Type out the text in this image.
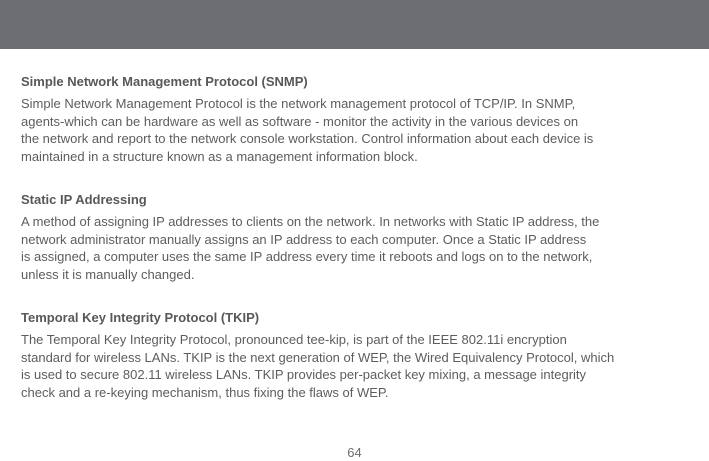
Simple Network Management Protocol (SNMP)

Simple Network Management Protocol is the network management protocol of TCP/IP. In SNMP,
agents-which can be hardware as well as software - monitor the activity in the various devices on
the network and report to the network console workstation. Control information about each device is
maintained in a structure known as a management information block.

Static IP Addressing

A method of assigning IP addresses to clients on the network. In networks with Static IP address, the
network administrator manually assigns an IP address to each computer. Once a Static IP address
is assigned, a computer uses the same IP address every time it reboots and logs on to the network,
unless it is manually changed.

Temporal Key Integrity Protocol (TKIP)

The Temporal Key Integrity Protocol, pronounced tee-kip, is part of the IEEE 802.11i encryption
standard for wireless LANs. TKIP is the next generation of WEP, the Wired Equivalency Protocol, which
is used to secure 802.11 wireless LANs. TKIP provides per-packet key mixing, a message integrity
check and a re-keying mechanism, thus fixing the flaws of WEP.

64
